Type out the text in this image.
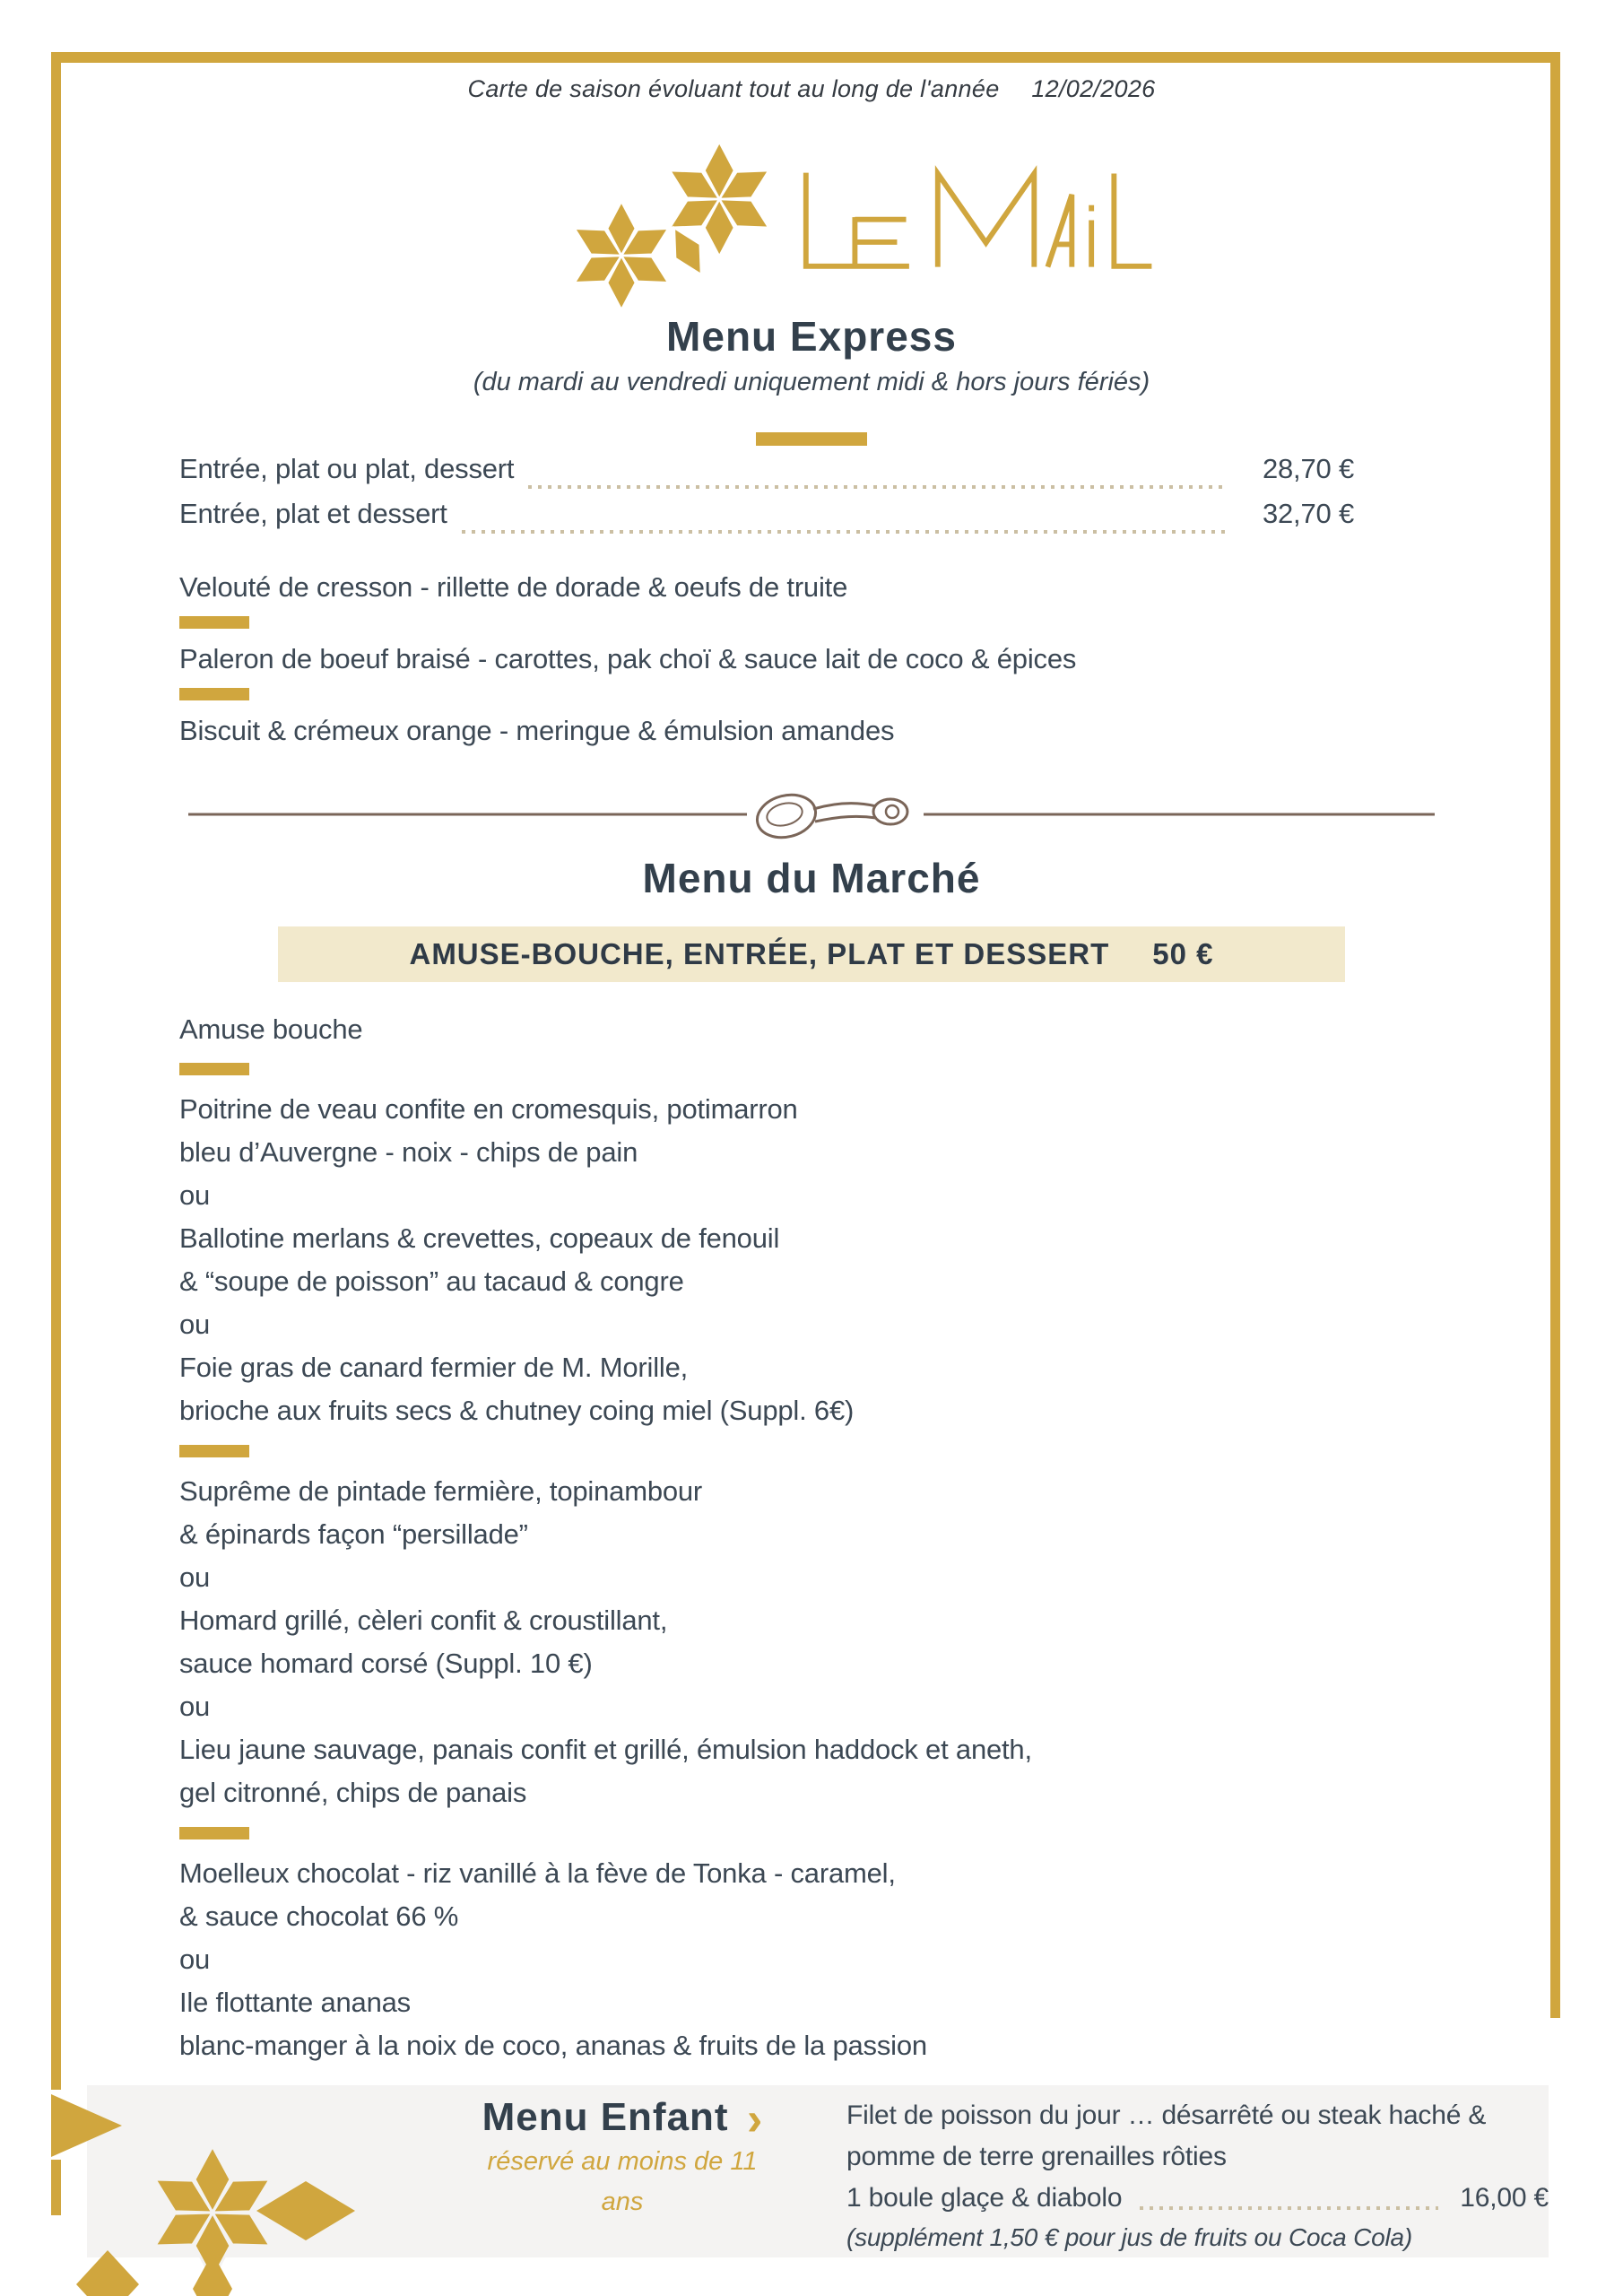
Carte de saison évoluant tout au long de l'année 12/02/2026
Menu Express
(du mardi au vendredi uniquement midi & hors jours fériés)
Entrée, plat ou plat, dessert	28,70 €
Entrée, plat et dessert	32,70 €
Velouté de cresson - rillette de dorade & oeufs de truite
Paleron de boeuf braisé - carottes, pak choï & sauce lait de coco & épices
Biscuit & crémeux orange - meringue & émulsion amandes
Menu du Marché
AMUSE-BOUCHE, ENTRÉE, PLAT ET DESSERT 50 €
Amuse bouche
Poitrine de veau confite en cromesquis, potimarron
bleu d’Auvergne - noix - chips de pain
ou
Ballotine merlans & crevettes, copeaux de fenouil
& “soupe de poisson” au tacaud & congre
ou
Foie gras de canard fermier de M. Morille,
brioche aux fruits secs & chutney coing miel (Suppl. 6€)
Suprême de pintade fermière, topinambour
& épinards façon “persillade”
ou
Homard grillé, cèleri confit & croustillant,
sauce homard corsé (Suppl. 10 €)
ou
Lieu jaune sauvage, panais confit et grillé, émulsion haddock et aneth,
gel citronné, chips de panais
Moelleux chocolat - riz vanillé à la fève de Tonka - caramel,
& sauce chocolat 66 %
ou
Ile flottante ananas
blanc-manger à la noix de coco, ananas & fruits de la passion
Menu Enfant ›
réservé au moins de 11
ans
Filet de poisson du jour … désarrêté ou steak haché &
pomme de terre grenailles rôties
1 boule glaçe & diabolo	16,00 €
(supplément 1,50 € pour jus de fruits ou Coca Cola)
